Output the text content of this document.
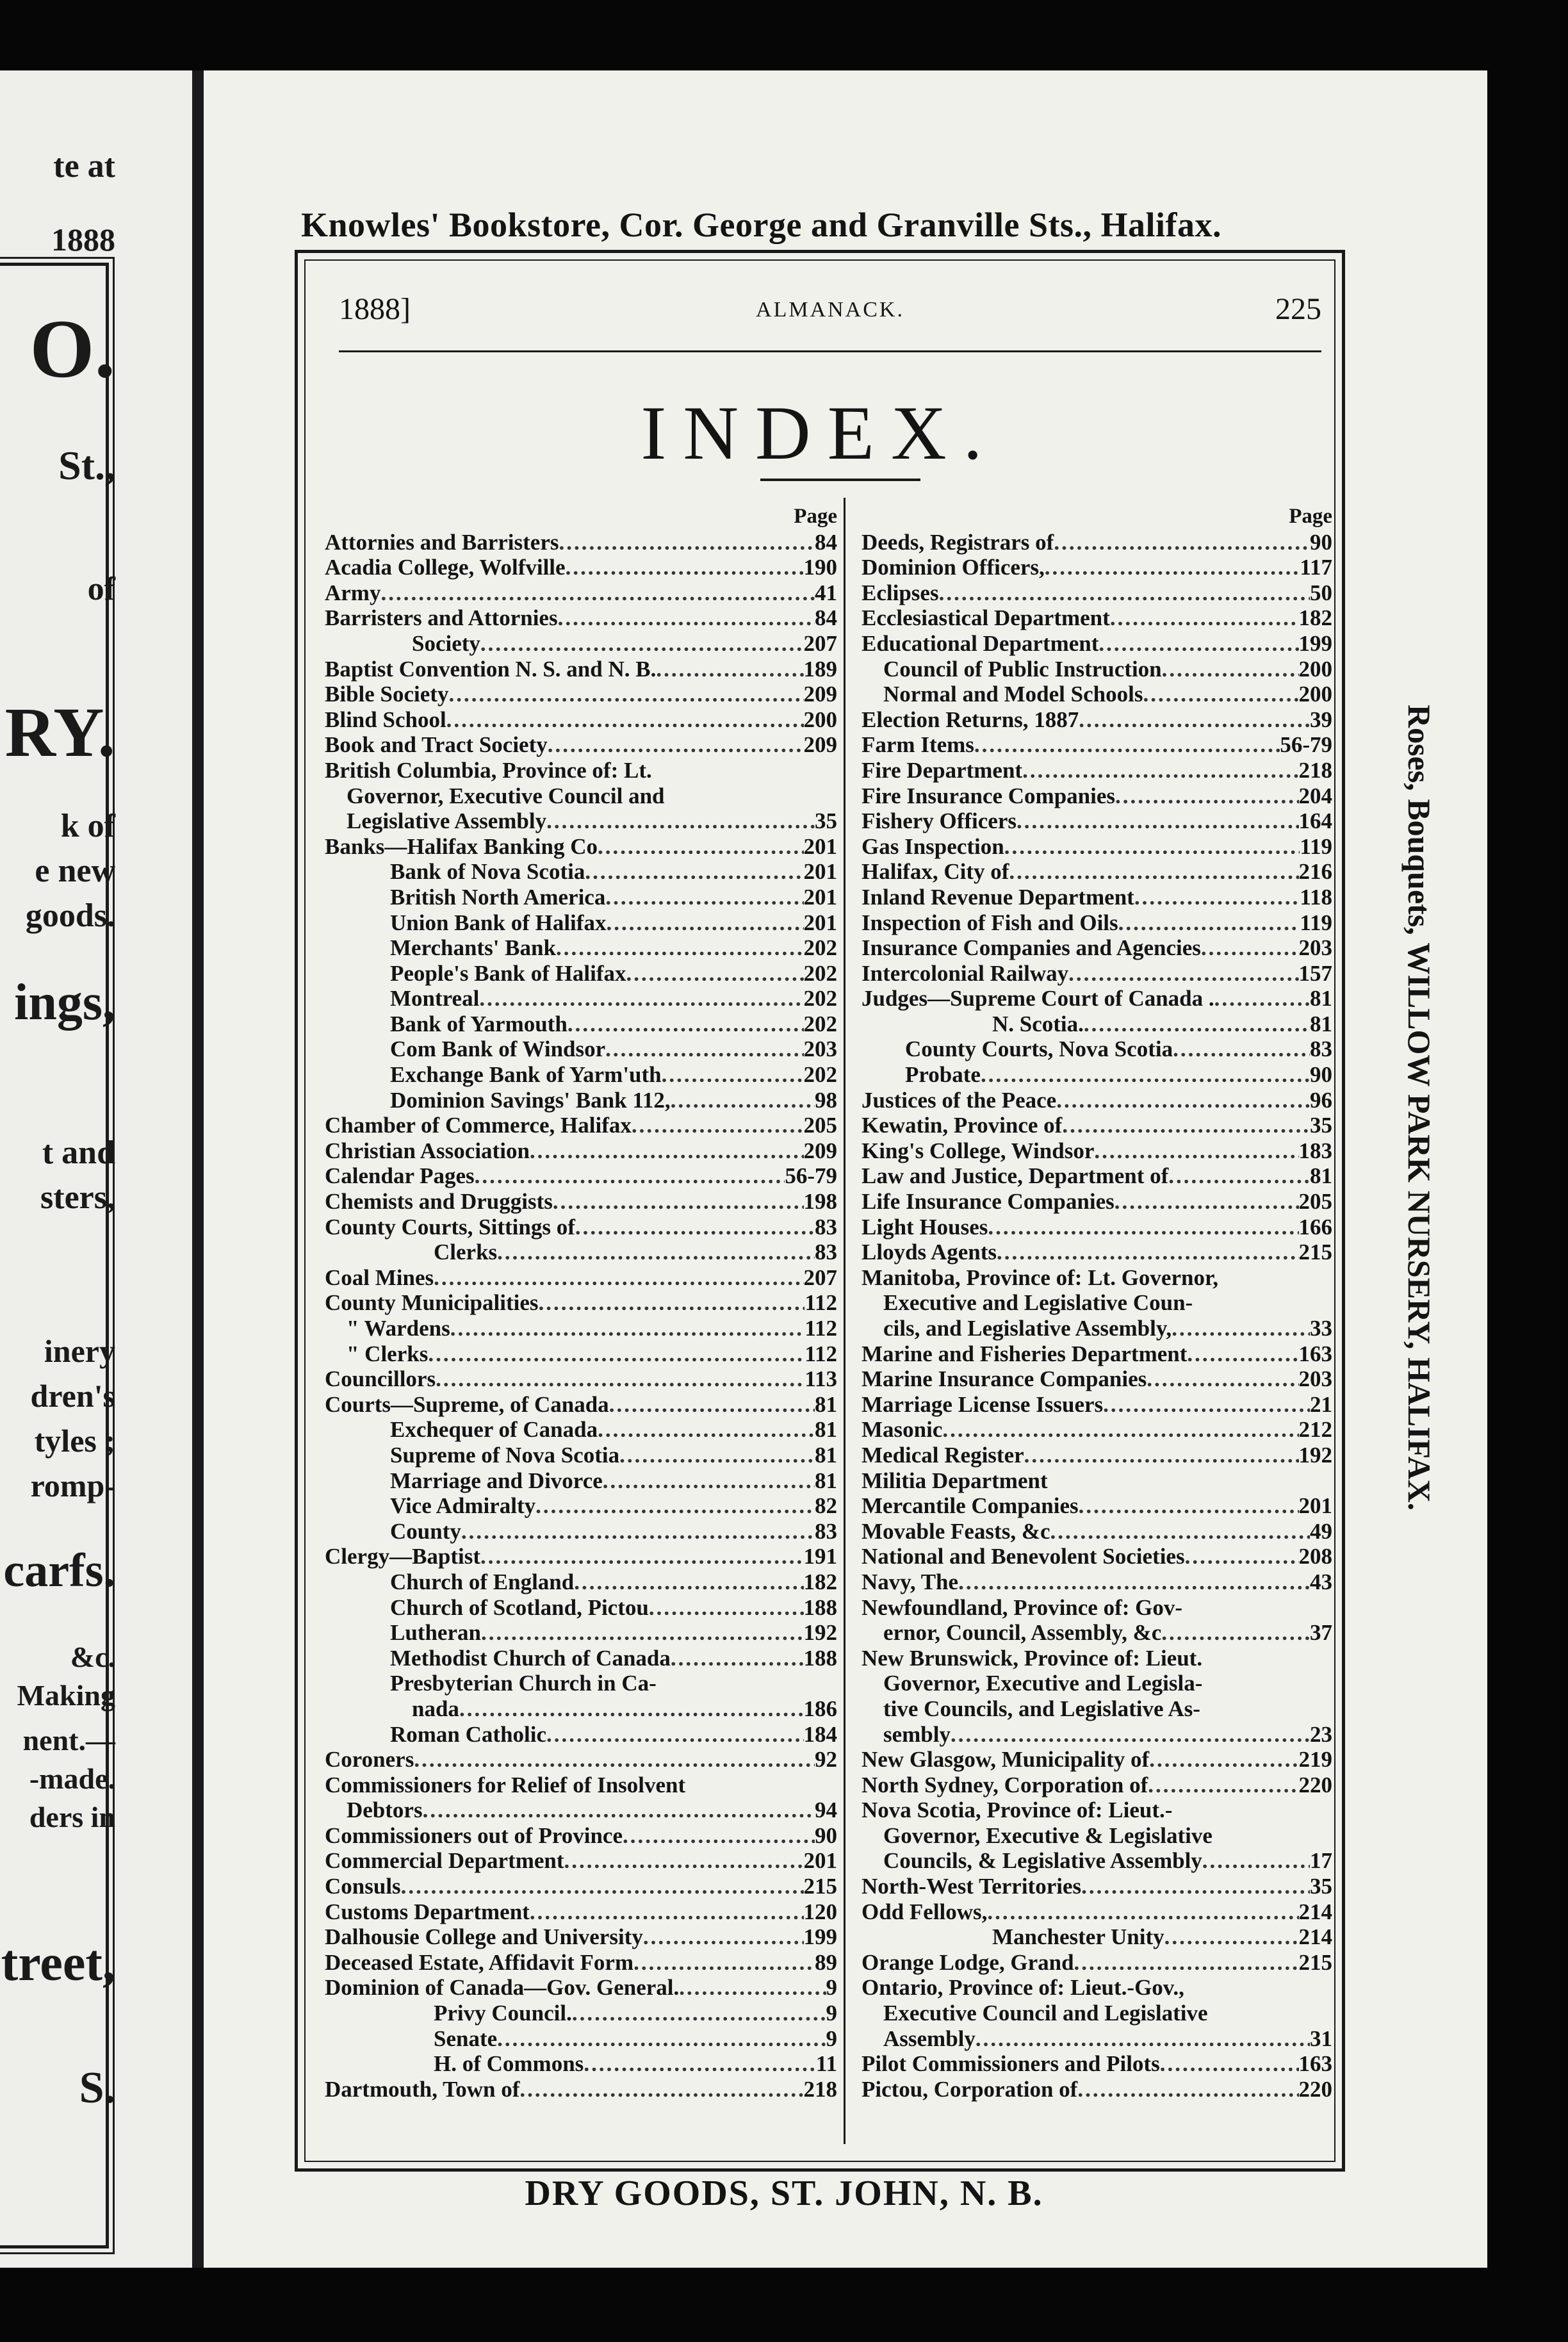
te at
1888
O.
St.,
of
RY.
k of
e new
goods.
ings,
t and
sters,
inery
dren's
tyles ;
romp-
carfs.
&c.
Making
nent.—
-made.
ders in
treet,
S.
Knowles' Bookstore, Cor. George and Granville Sts., Halifax.
Roses, Bouquets, WILLOW PARK NURSERY, HALIFAX.
1888]	ALMANACK.	225
INDEX.
Page
Attornies and Barristers .....	84
Acadia College, Wolfville .....	190
Army .....	41
Barristers and Attornies .....	84
Society .....	207
Baptist Convention N. S. and N. B. .....	189
Bible Society .....	209
Blind School .....	200
Book and Tract Society .....	209
British Columbia, Province of: Lt.
Governor, Executive Council and
Legislative Assembly .....	35
Banks—Halifax Banking Co .....	201
Bank of Nova Scotia .....	201
British North America .....	201
Union Bank of Halifax .....	201
Merchants' Bank .....	202
People's Bank of Halifax .....	202
Montreal .....	202
Bank of Yarmouth .....	202
Com Bank of Windsor .....	203
Exchange Bank of Yarm'uth .....	202
Dominion Savings' Bank 112, .....	98
Chamber of Commerce, Halifax .....	205
Christian Association .....	209
Calendar Pages .....	56-79
Chemists and Druggists .....	198
County Courts, Sittings of .....	83
Clerks .....	83
Coal Mines .....	207
County Municipalities .....	112
" Wardens .....	112
" Clerks .....	112
Councillors .....	113
Courts—Supreme, of Canada .....	81
Exchequer of Canada .....	81
Supreme of Nova Scotia .....	81
Marriage and Divorce .....	81
Vice Admiralty .....	82
County .....	83
Clergy—Baptist .....	191
Church of England .....	182
Church of Scotland, Pictou .....	188
Lutheran .....	192
Methodist Church of Canada .....	188
Presbyterian Church in Ca-
nada .....	186
Roman Catholic .....	184
Coroners .....	92
Commissioners for Relief of Insolvent
Debtors .....	94
Commissioners out of Province .....	90
Commercial Department .....	201
Consuls .....	215
Customs Department .....	120
Dalhousie College and University .....	199
Deceased Estate, Affidavit Form .....	89
Dominion of Canada—Gov. General. .....	9
Privy Council. .....	9
Senate .....	9
H. of Commons .....	11
Dartmouth, Town of .....	218
Page
Deeds, Registrars of .....	90
Dominion Officers, .....	117
Eclipses .....	50
Ecclesiastical Department .....	182
Educational Department .....	199
Council of Public Instruction .....	200
Normal and Model Schools .....	200
Election Returns, 1887 .....	39
Farm Items .....	56-79
Fire Department .....	218
Fire Insurance Companies .....	204
Fishery Officers .....	164
Gas Inspection .....	119
Halifax, City of .....	216
Inland Revenue Department .....	118
Inspection of Fish and Oils .....	119
Insurance Companies and Agencies .....	203
Intercolonial Railway .....	157
Judges—Supreme Court of Canada . .....	81
N. Scotia. .....	81
County Courts, Nova Scotia .....	83
Probate .....	90
Justices of the Peace .....	96
Kewatin, Province of .....	35
King's College, Windsor .....	183
Law and Justice, Department of .....	81
Life Insurance Companies .....	205
Light Houses .....	166
Lloyds Agents .....	215
Manitoba, Province of: Lt. Governor,
Executive and Legislative Coun-
cils, and Legislative Assembly, .....	33
Marine and Fisheries Department .....	163
Marine Insurance Companies .....	203
Marriage License Issuers .....	21
Masonic .....	212
Medical Register .....	192
Militia Department
Mercantile Companies .....	201
Movable Feasts, &c .....	49
National and Benevolent Societies .....	208
Navy, The .....	43
Newfoundland, Province of: Gov-
ernor, Council, Assembly, &c .....	37
New Brunswick, Province of: Lieut.
Governor, Executive and Legisla-
tive Councils, and Legislative As-
sembly .....	23
New Glasgow, Municipality of .....	219
North Sydney, Corporation of .....	220
Nova Scotia, Province of: Lieut.-
Governor, Executive & Legislative
Councils, & Legislative Assembly .....	17
North-West Territories .....	35
Odd Fellows, .....	214
Manchester Unity .....	214
Orange Lodge, Grand .....	215
Ontario, Province of: Lieut.-Gov.,
Executive Council and Legislative
Assembly .....	31
Pilot Commissioners and Pilots .....	163
Pictou, Corporation of .....	220
DRY GOODS, ST. JOHN, N. B.
